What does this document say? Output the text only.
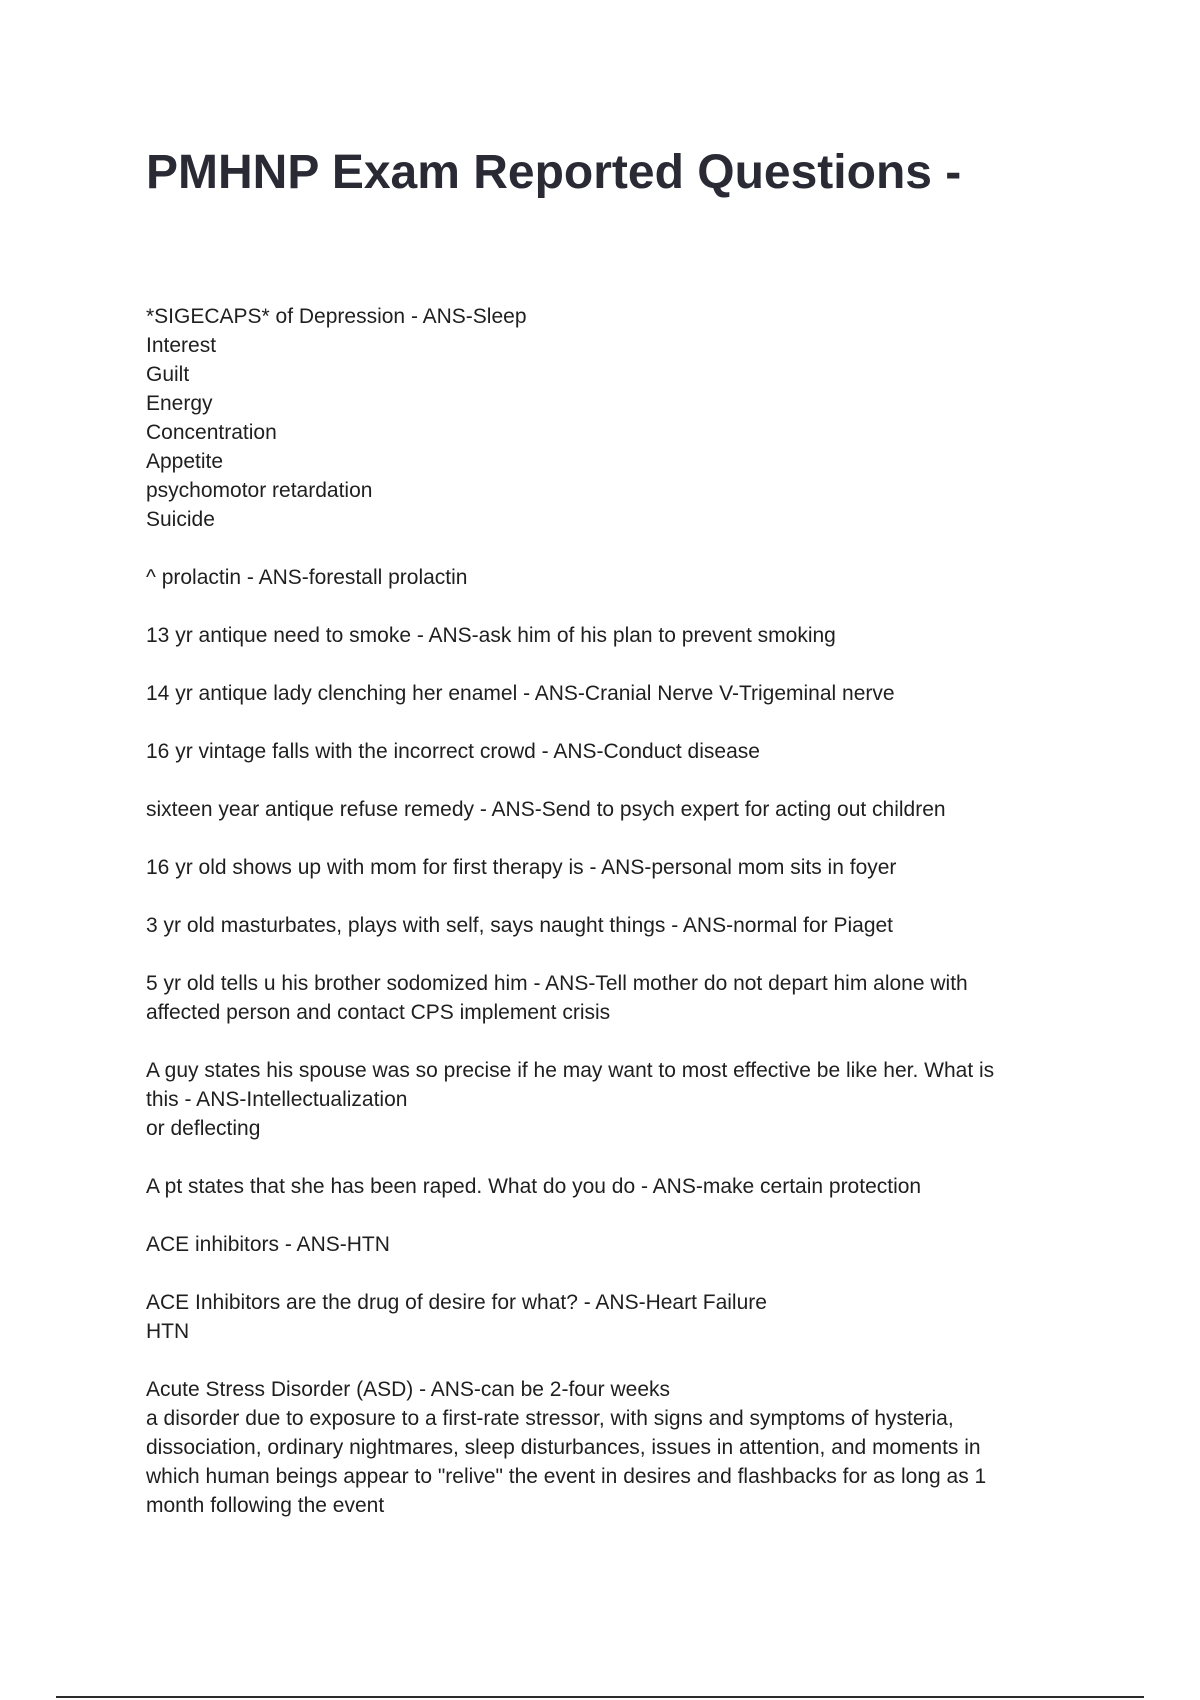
PMHNP Exam Reported Questions -
*SIGECAPS* of Depression - ANS-Sleep
Interest
Guilt
Energy
Concentration
Appetite
psychomotor retardation
Suicide
^ prolactin - ANS-forestall prolactin
13 yr antique need to smoke - ANS-ask him of his plan to prevent smoking
14 yr antique lady clenching her enamel - ANS-Cranial Nerve V-Trigeminal nerve
16 yr vintage falls with the incorrect crowd - ANS-Conduct disease
sixteen year antique refuse remedy - ANS-Send to psych expert for acting out children
16 yr old shows up with mom for first therapy is - ANS-personal mom sits in foyer
3 yr old masturbates, plays with self, says naught things - ANS-normal for Piaget
5 yr old tells u his brother sodomized him - ANS-Tell mother do not depart him alone with
affected person and contact CPS implement crisis
A guy states his spouse was so precise if he may want to most effective be like her. What is
this - ANS-Intellectualization
or deflecting
A pt states that she has been raped. What do you do - ANS-make certain protection
ACE inhibitors - ANS-HTN
ACE Inhibitors are the drug of desire for what? - ANS-Heart Failure
HTN
Acute Stress Disorder (ASD) - ANS-can be 2-four weeks
a disorder due to exposure to a first-rate stressor, with signs and symptoms of hysteria,
dissociation, ordinary nightmares, sleep disturbances, issues in attention, and moments in
which human beings appear to "relive" the event in desires and flashbacks for as long as 1
month following the event
